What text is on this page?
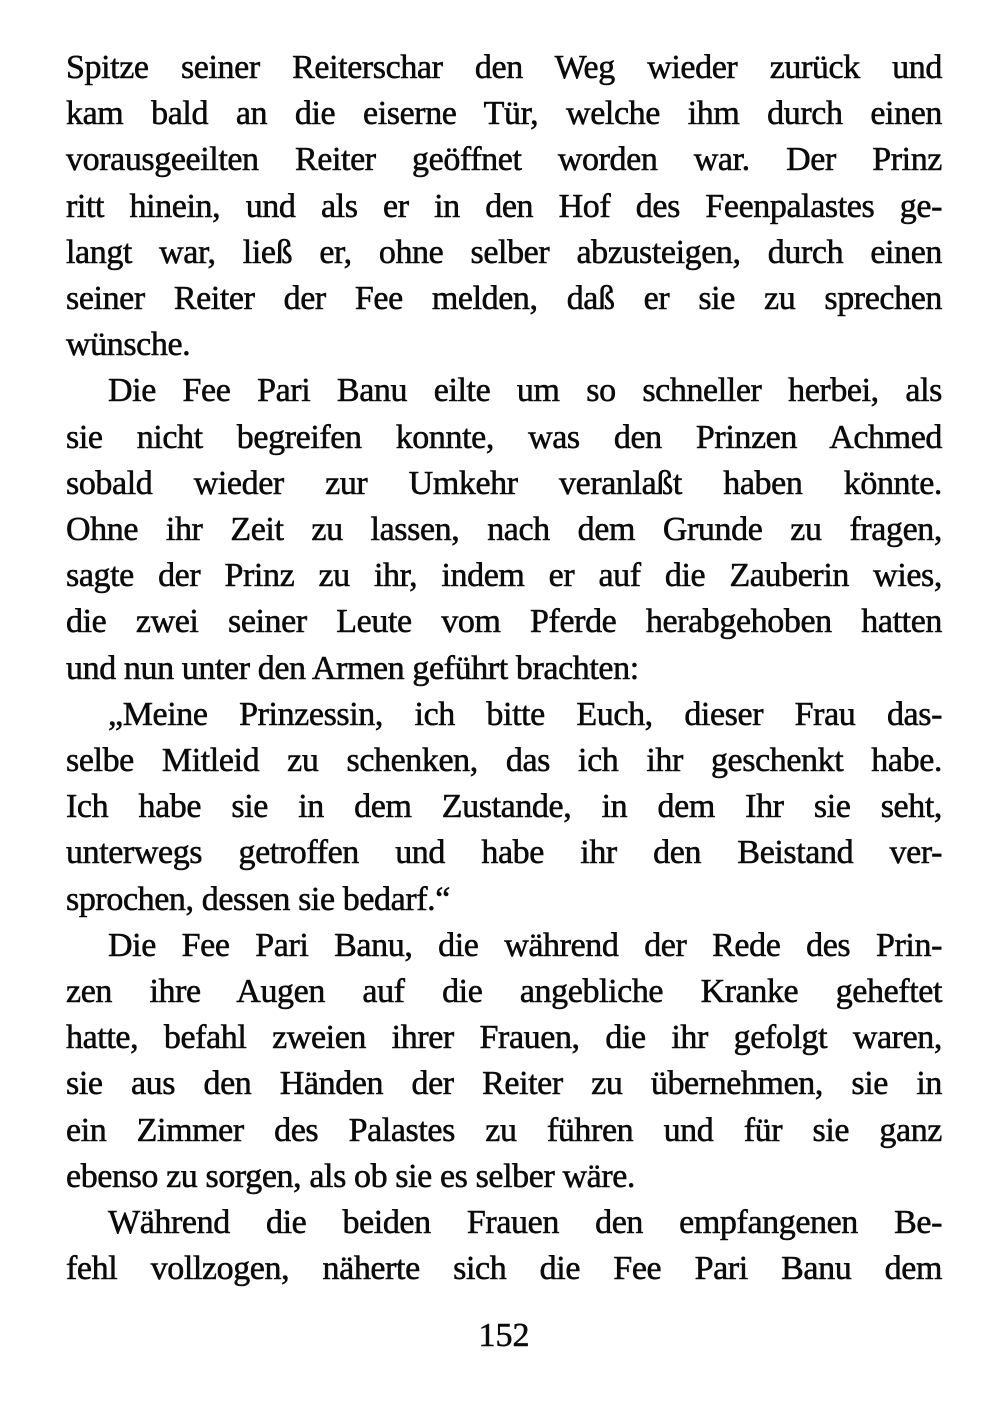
Spitze seiner Reiterschar den Weg wieder zurück und
kam bald an die eiserne Tür, welche ihm durch einen
vorausgeeilten Reiter geöffnet worden war. Der Prinz
ritt hinein, und als er in den Hof des Feenpalastes ge-
langt war, ließ er, ohne selber abzusteigen, durch einen
seiner Reiter der Fee melden, daß er sie zu sprechen
wünsche.
Die Fee Pari Banu eilte um so schneller herbei, als
sie nicht begreifen konnte, was den Prinzen Achmed
sobald wieder zur Umkehr veranlaßt haben könnte.
Ohne ihr Zeit zu lassen, nach dem Grunde zu fragen,
sagte der Prinz zu ihr, indem er auf die Zauberin wies,
die zwei seiner Leute vom Pferde herabgehoben hatten
und nun unter den Armen geführt brachten:
„Meine Prinzessin, ich bitte Euch, dieser Frau das-
selbe Mitleid zu schenken, das ich ihr geschenkt habe.
Ich habe sie in dem Zustande, in dem Ihr sie seht,
unterwegs getroffen und habe ihr den Beistand ver-
sprochen, dessen sie bedarf.“
Die Fee Pari Banu, die während der Rede des Prin-
zen ihre Augen auf die angebliche Kranke geheftet
hatte, befahl zweien ihrer Frauen, die ihr gefolgt waren,
sie aus den Händen der Reiter zu übernehmen, sie in
ein Zimmer des Palastes zu führen und für sie ganz
ebenso zu sorgen, als ob sie es selber wäre.
Während die beiden Frauen den empfangenen Be-
fehl vollzogen, näherte sich die Fee Pari Banu dem
152
